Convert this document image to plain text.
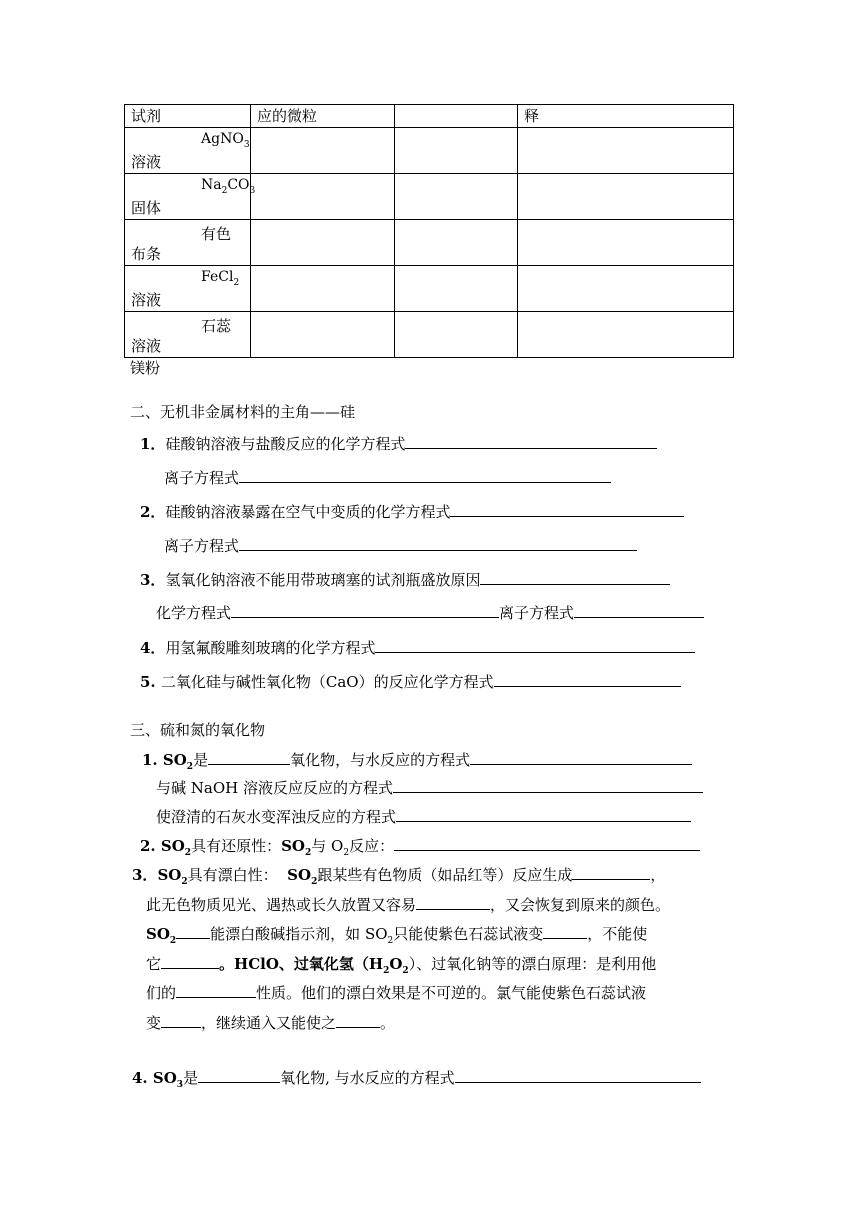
试剂	应的微粒		释

AgNO$_3$
溶液			

$Na_2CO_3$
固体			

有色
布条			

FeCl$_2$
溶液			

石蕊
溶液			

镁粉
二、无机非金属材料的主角——硅
1．硅酸钠溶液与盐酸反应的化学方程式
离子方程式
2．硅酸钠溶液暴露在空气中变质的化学方程式
离子方程式
3．氢氧化钠溶液不能用带玻璃塞的试剂瓶盛放原因
化学方程式	离子方程式
4．用氢氟酸雕刻玻璃的化学方程式
5. 二氧化硅与碱性氧化物（CaO）的反应化学方程式
三、硫和氮的氧化物
1. $SO_2$是	氧化物，与水反应的方程式
与碱 NaOH 溶液反应反应的方程式
使澄清的石灰水变浑浊反应的方程式
2. $SO_2$具有还原性：$SO_2$与 $O_2$反应：
3．$SO_2$具有漂白性： $SO_2$跟某些有色物质（如品红等）反应生成	，
此无色物质见光、遇热或长久放置又容易	，又会恢复到原来的颜色。
$SO_2$ 能漂白酸碱指示剂，如 $SO_2$只能使紫色石蕊试液变	，不能使
它	。HClO、过氧化氢$(H_2O_2)$、过氧化钠等的漂白原理：是利用他
们的	性质。他们的漂白效果是不可逆的。氯气能使紫色石蕊试液
变	，继续通入又能使之	。
4. $SO_3$是	氧化物, 与水反应的方程式
